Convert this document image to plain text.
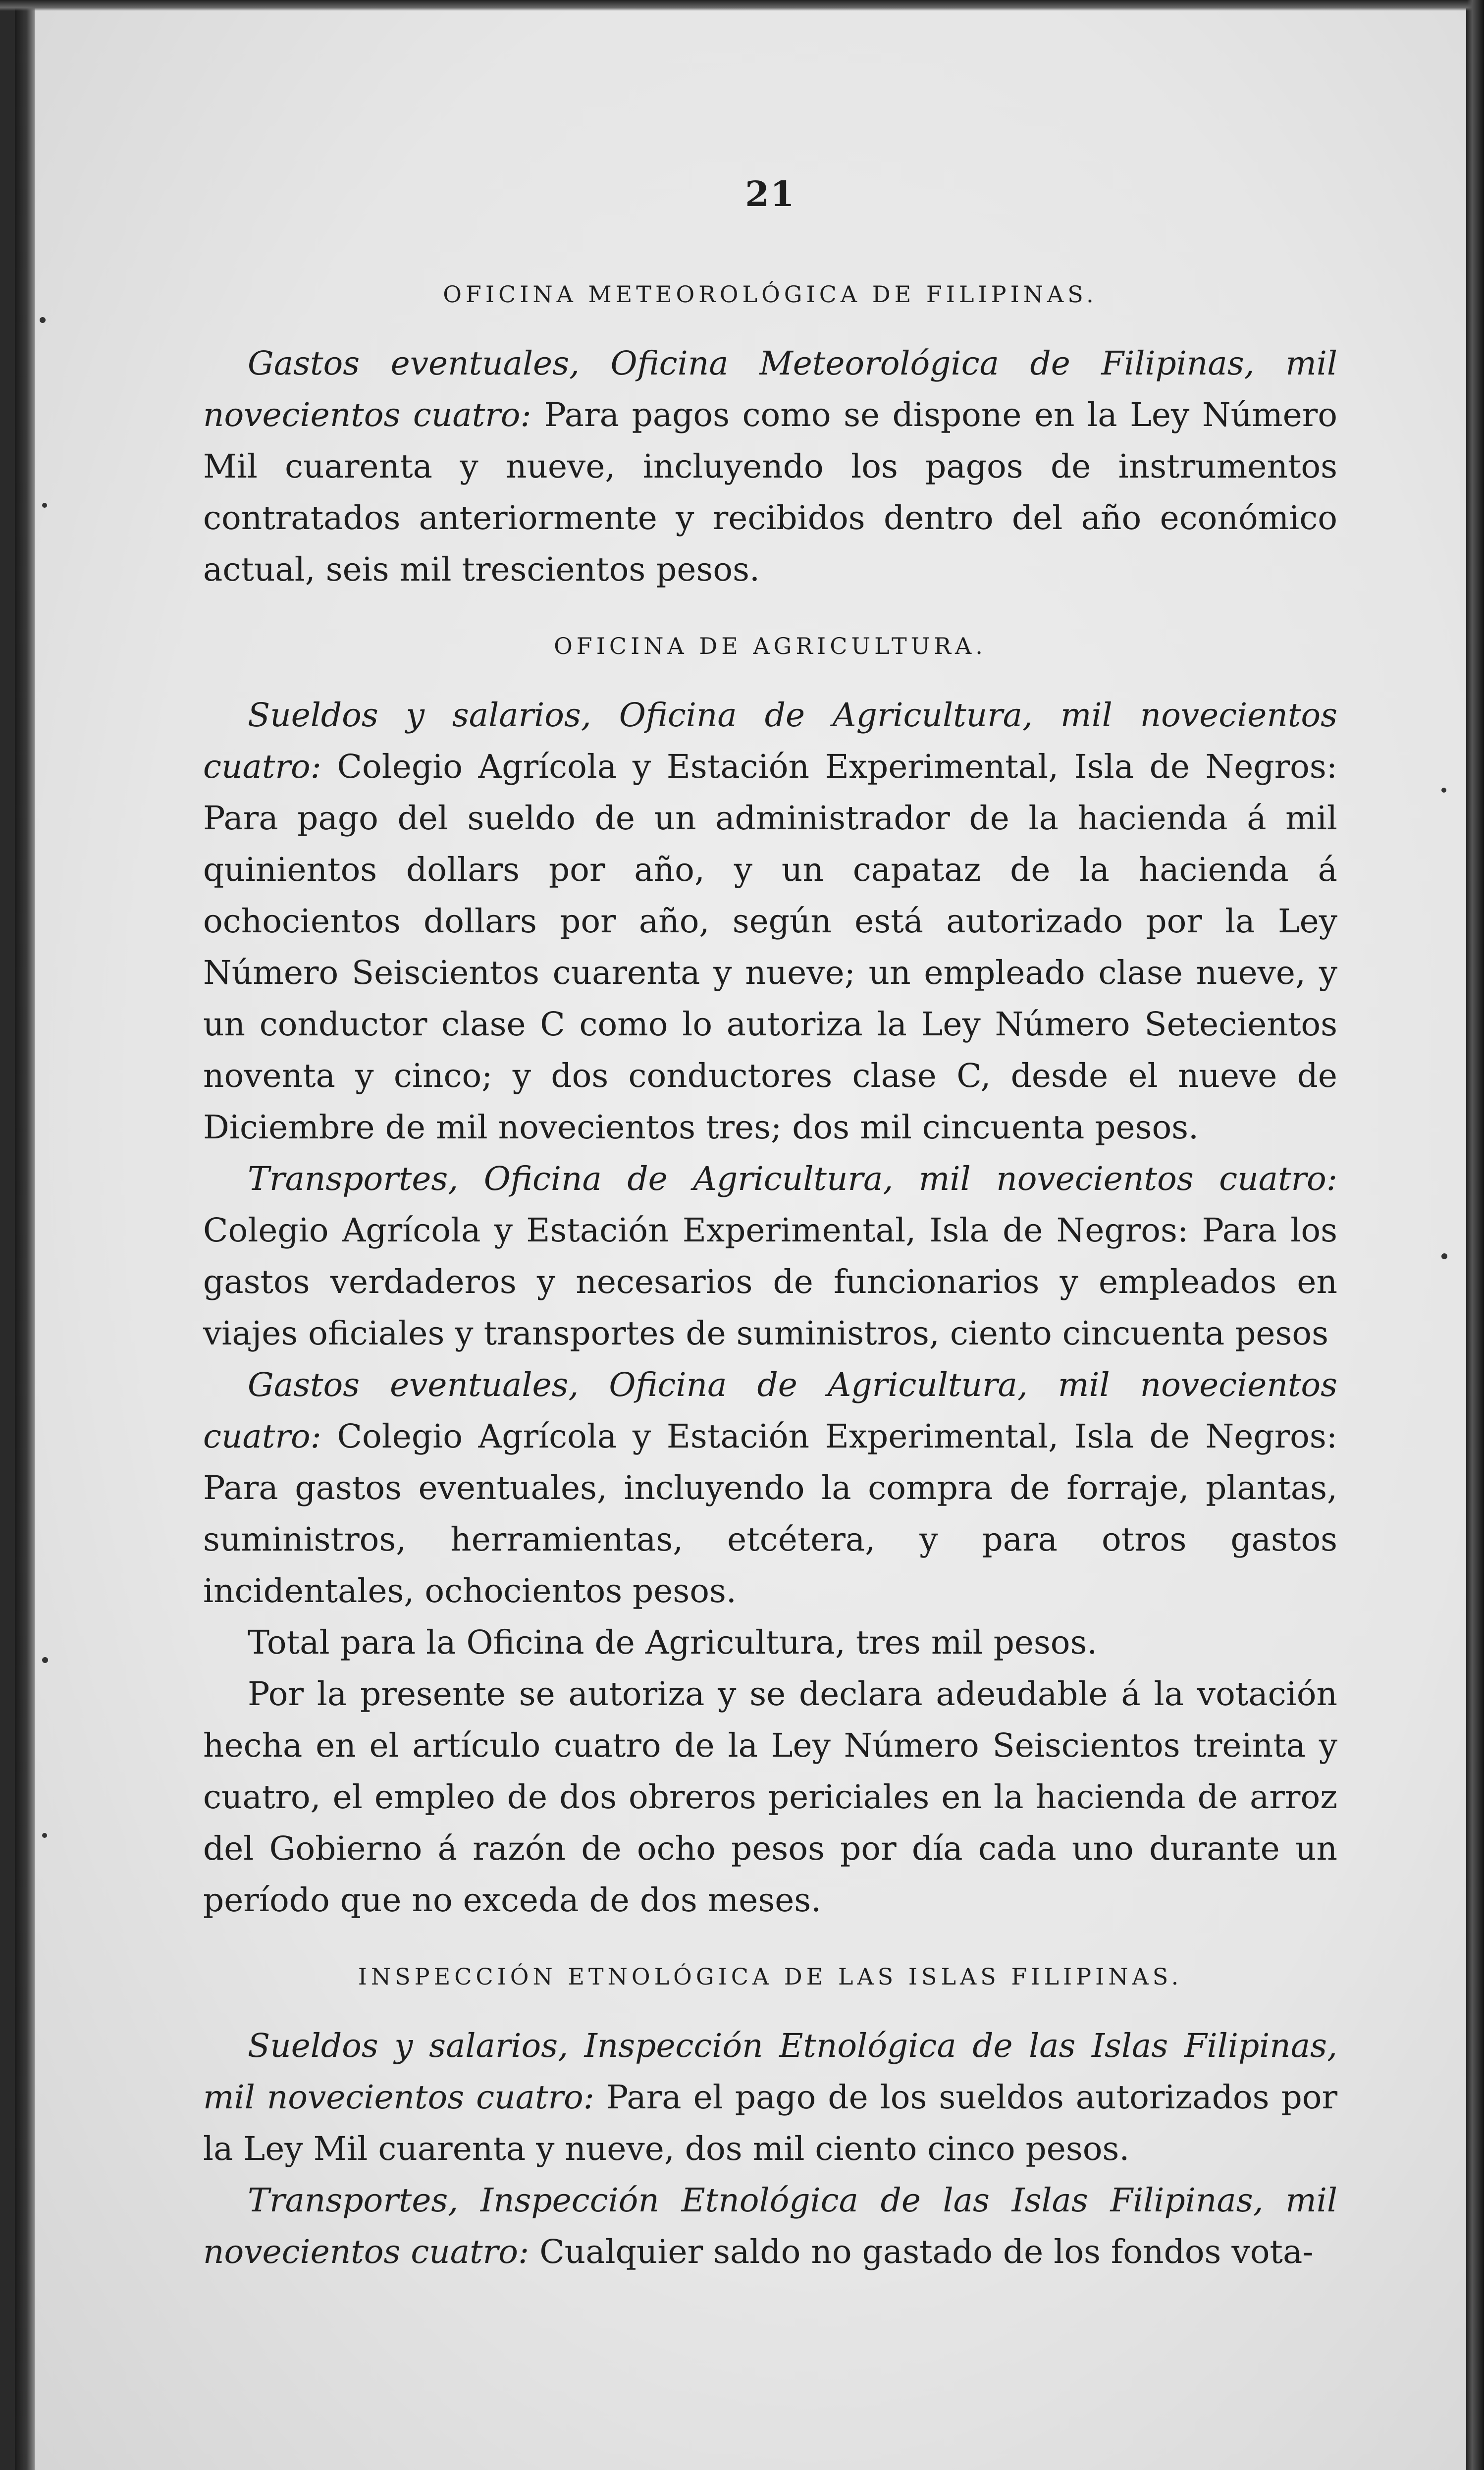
21
OFICINA METEOROLÓGICA DE FILIPINAS.

Gastos eventuales, Oficina Meteorológica de Filipinas, mil novecientos cuatro: Para pagos como se dispone en la Ley Número Mil cuarenta y nueve, incluyendo los pagos de instrumentos contratados anteriormente y recibidos dentro del año económico actual, seis mil trescientos pesos.

OFICINA DE AGRICULTURA.

Sueldos y salarios, Oficina de Agricultura, mil novecientos cuatro: Colegio Agrícola y Estación Experimental, Isla de Negros: Para pago del sueldo de un administrador de la hacienda á mil quinientos dollars por año, y un capataz de la hacienda á ochocientos dollars por año, según está autorizado por la Ley Número Seiscientos cuarenta y nueve; un empleado clase nueve, y un conductor clase C como lo autoriza la Ley Número Setecientos noventa y cinco; y dos conductores clase C, desde el nueve de Diciembre de mil novecientos tres; dos mil cincuenta pesos.

Transportes, Oficina de Agricultura, mil novecientos cuatro: Colegio Agrícola y Estación Experimental, Isla de Negros: Para los gastos verdaderos y necesarios de funcionarios y empleados en viajes oficiales y transportes de suministros, ciento cincuenta pesos

Gastos eventuales, Oficina de Agricultura, mil novecientos cuatro: Colegio Agrícola y Estación Experimental, Isla de Negros: Para gastos eventuales, incluyendo la compra de forraje, plantas, suministros, herramientas, etcétera, y para otros gastos incidentales, ochocientos pesos.

Total para la Oficina de Agricultura, tres mil pesos.

Por la presente se autoriza y se declara adeudable á la votación hecha en el artículo cuatro de la Ley Número Seiscientos treinta y cuatro, el empleo de dos obreros periciales en la hacienda de arroz del Gobierno á razón de ocho pesos por día cada uno durante un período que no exceda de dos meses.

INSPECCIÓN ETNOLÓGICA DE LAS ISLAS FILIPINAS.

Sueldos y salarios, Inspección Etnológica de las Islas Filipinas, mil novecientos cuatro: Para el pago de los sueldos autorizados por la Ley Mil cuarenta y nueve, dos mil ciento cinco pesos.

Transportes, Inspección Etnológica de las Islas Filipinas, mil novecientos cuatro: Cualquier saldo no gastado de los fondos vota-
